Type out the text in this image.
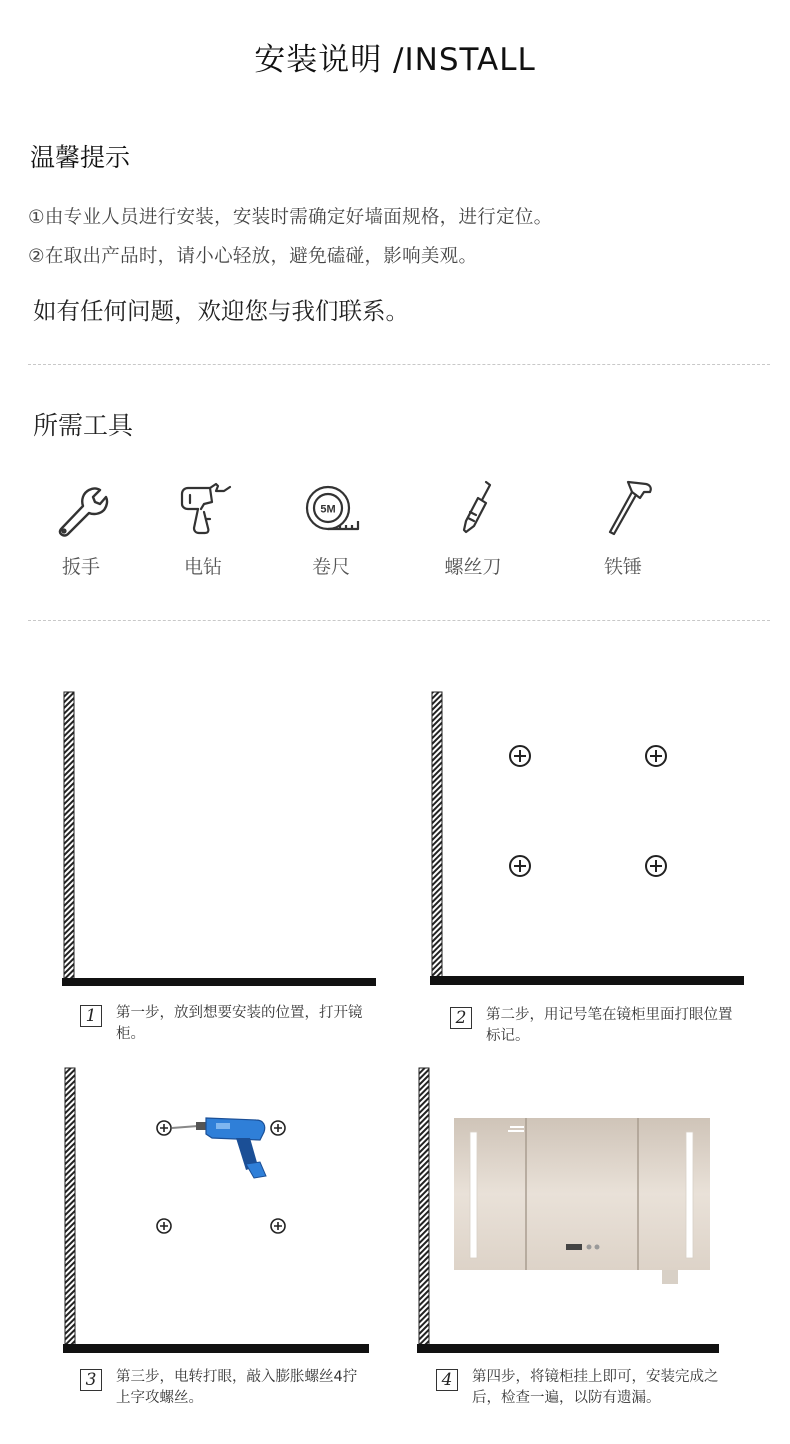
安装说明 /INSTALL
温馨提示
①由专业人员进行安装，安装时需确定好墙面规格，进行定位。
②在取出产品时，请小心轻放，避免磕碰，影响美观。
如有任何问题，欢迎您与我们联系。
所需工具
扳手	电钻
5M
卷尺	螺丝刀	铁锤
1	第一步，放到想要安装的位置，打开镜柜。
2	第二步，用记号笔在镜柜里面打眼位置标记。
3	第三步，电转打眼，敲入膨胀螺丝4拧上字攻螺丝。
4	第四步，将镜柜挂上即可，安装完成之后，检查一遍，以防有遗漏。
